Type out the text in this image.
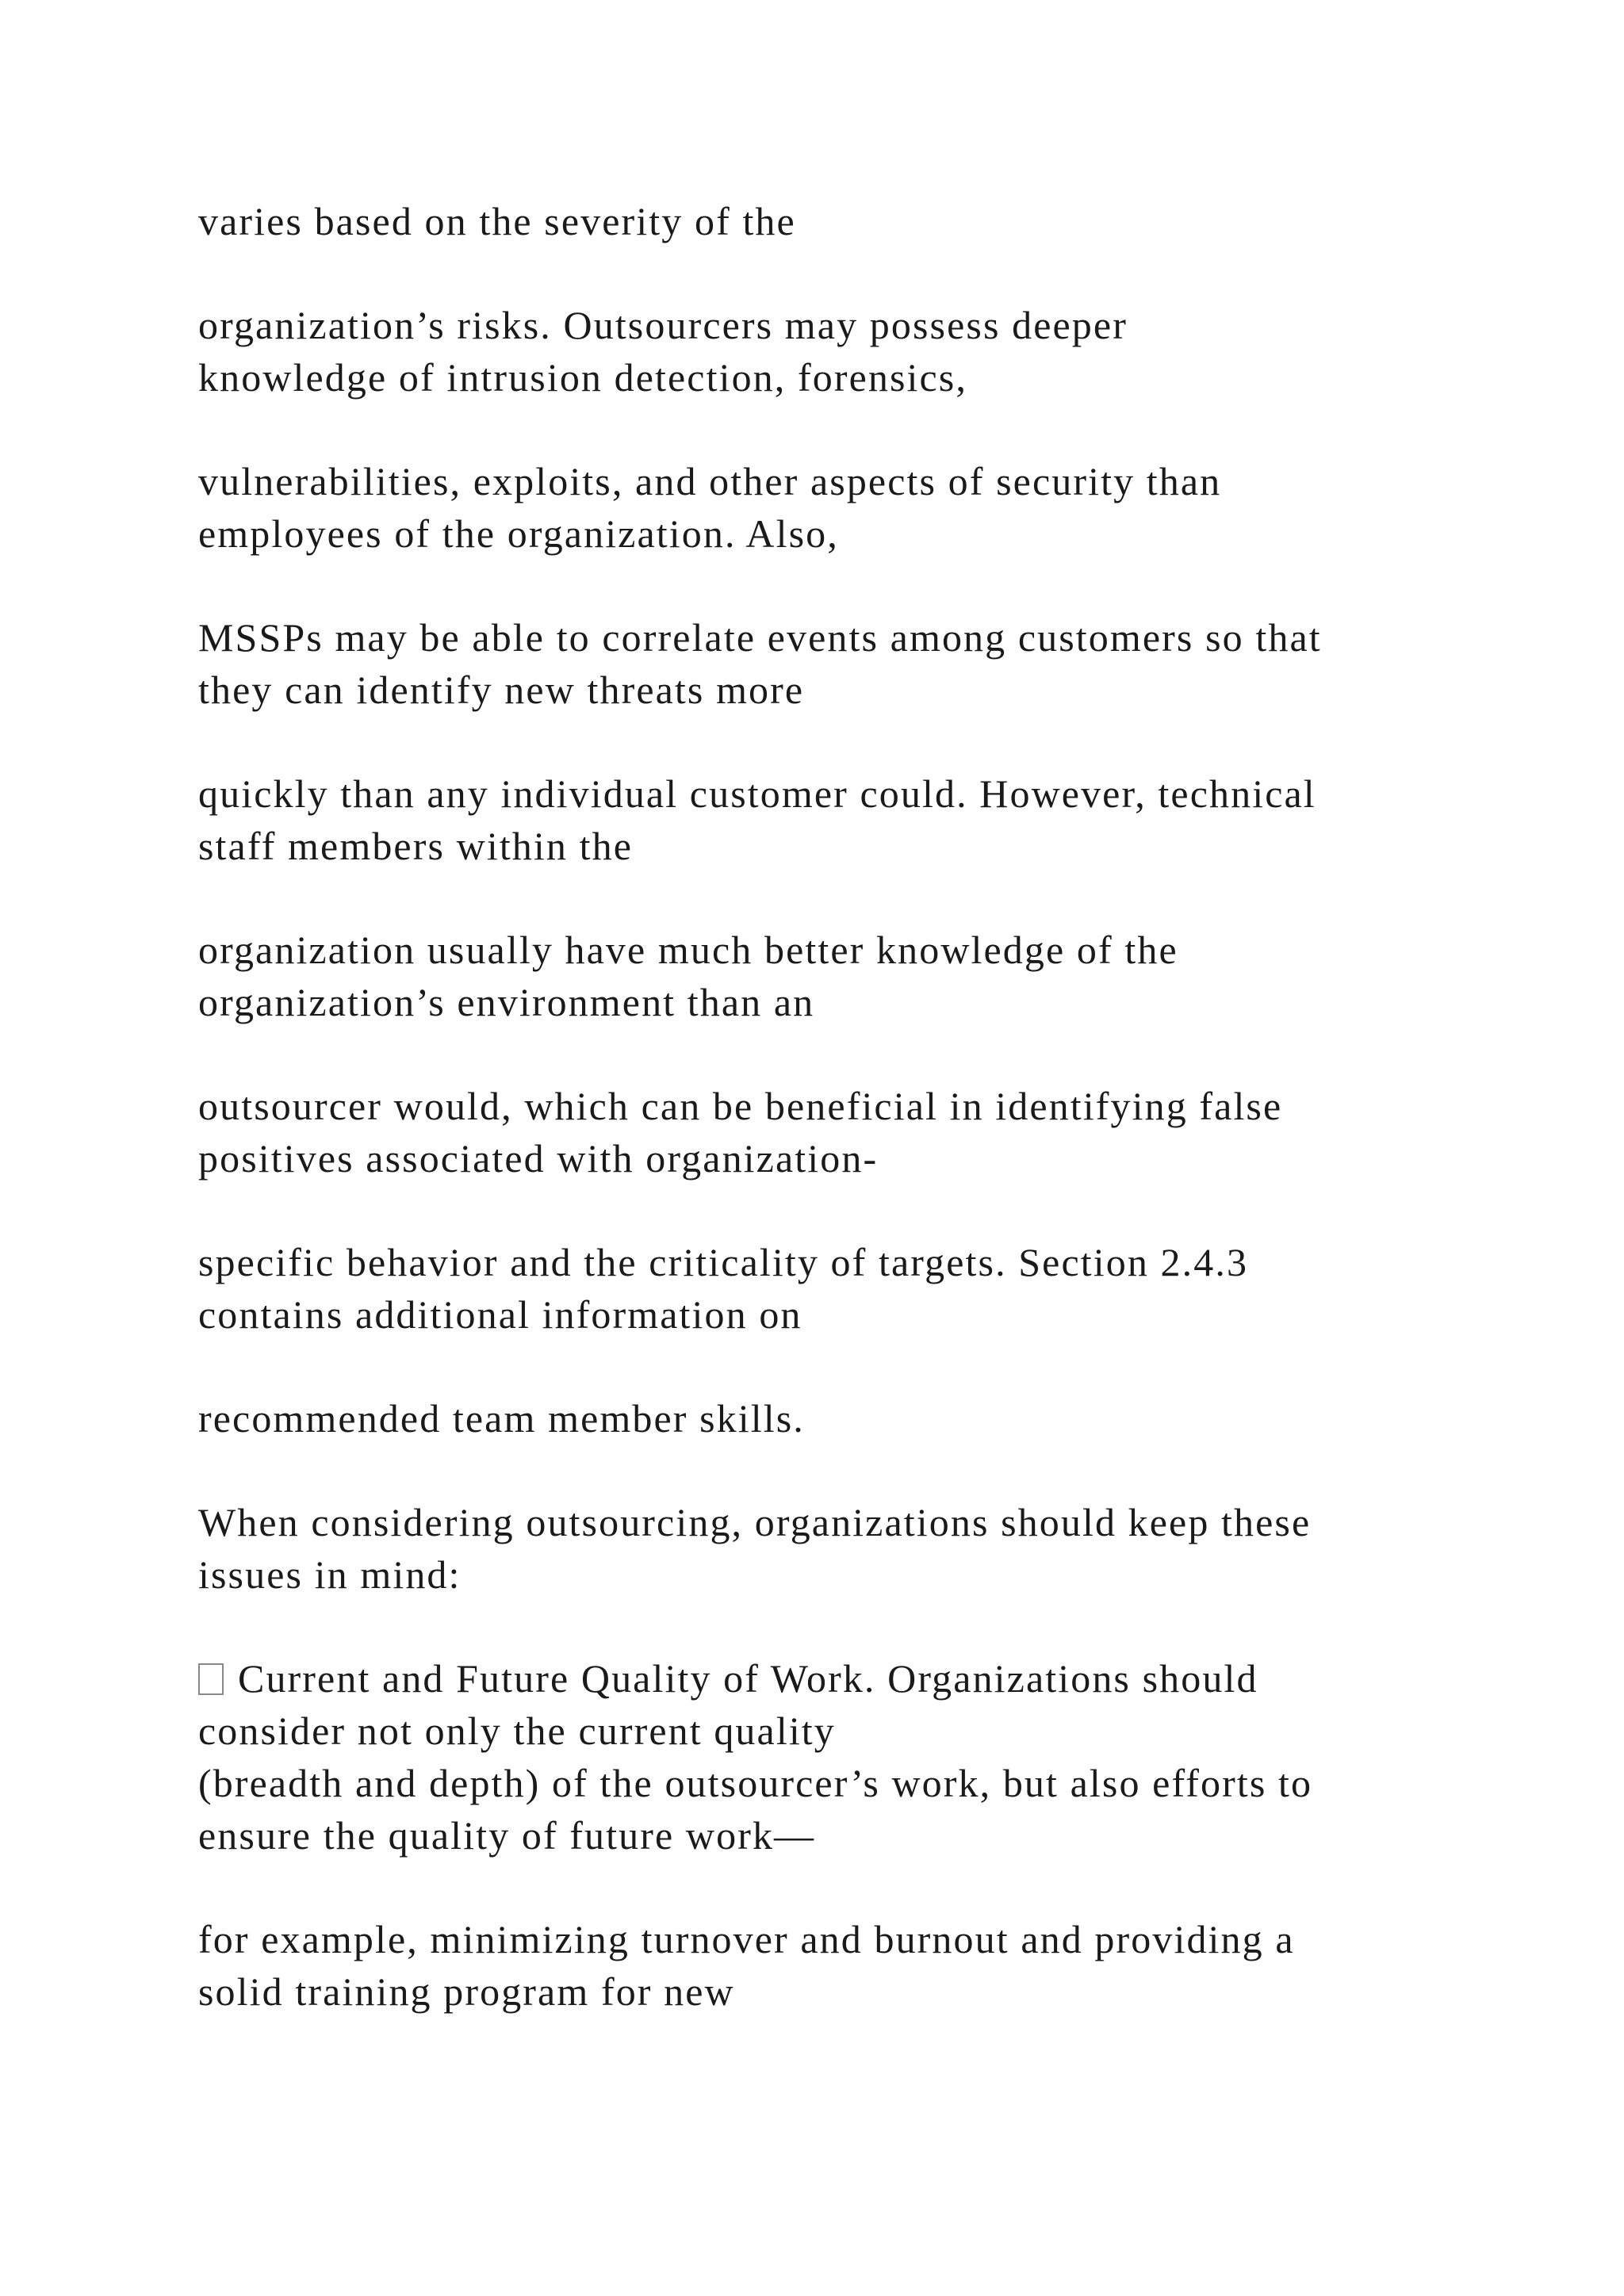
varies based on the severity of the

organization’s risks. Outsourcers may possess deeper
knowledge of intrusion detection, forensics,

vulnerabilities, exploits, and other aspects of security than
employees of the organization. Also,

MSSPs may be able to correlate events among customers so that
they can identify new threats more

quickly than any individual customer could. However, technical
staff members within the

organization usually have much better knowledge of the
organization’s environment than an

outsourcer would, which can be beneficial in identifying false
positives associated with organization-

specific behavior and the criticality of targets. Section 2.4.3
contains additional information on

recommended team member skills.

When considering outsourcing, organizations should keep these
issues in mind:

Current and Future Quality of Work. Organizations should
consider not only the current quality
(breadth and depth) of the outsourcer’s work, but also efforts to
ensure the quality of future work—

for example, minimizing turnover and burnout and providing a
solid training program for new
